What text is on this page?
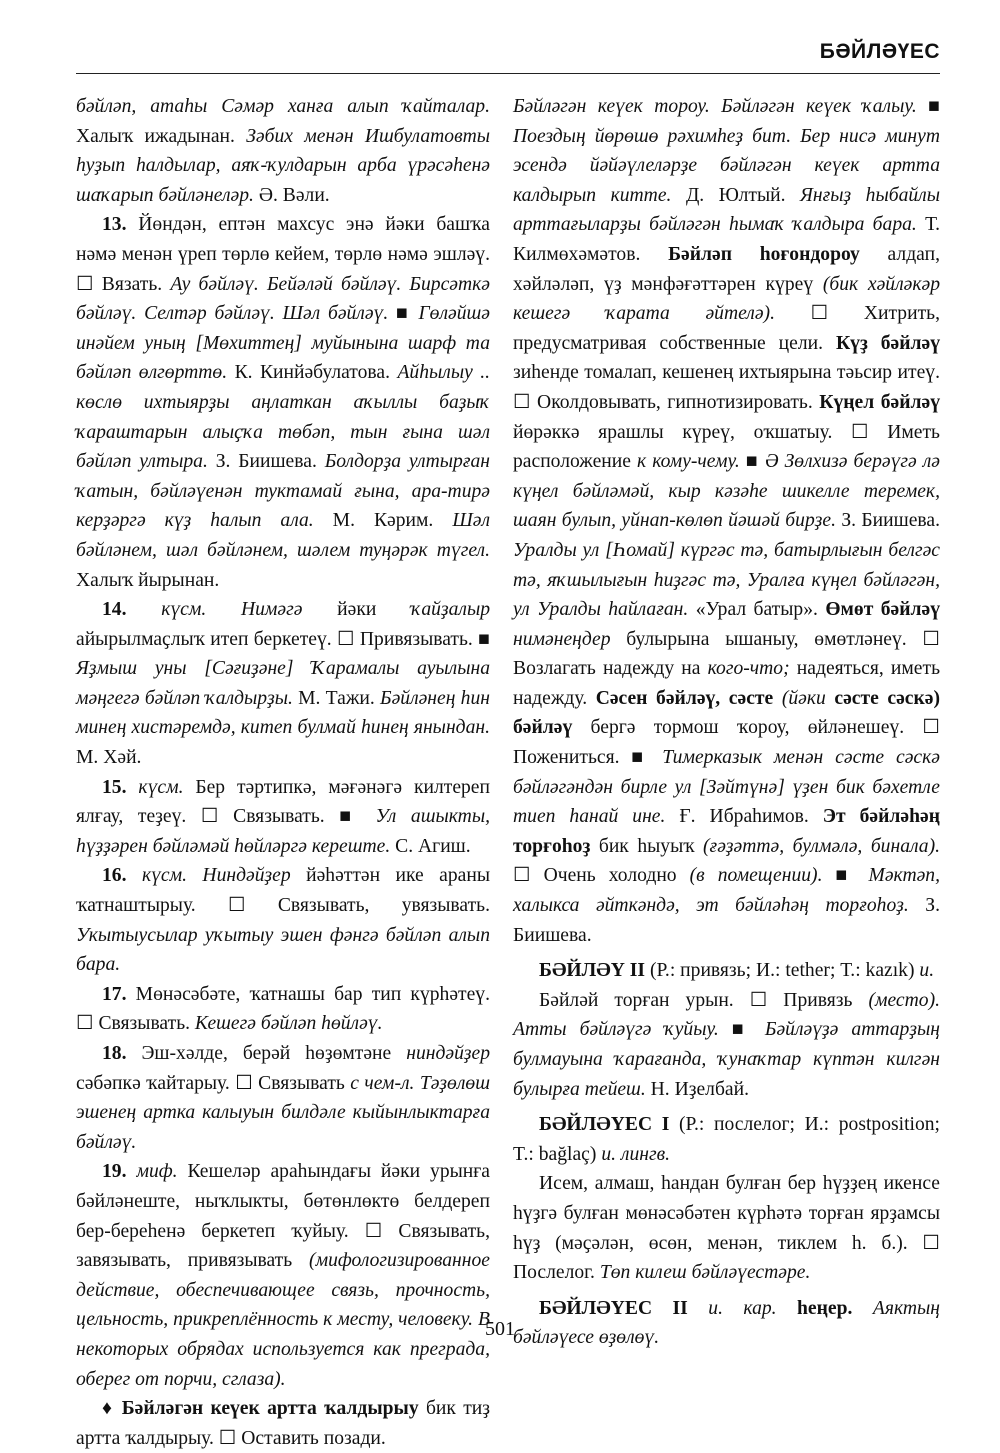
БӘЙЛӘҮЕС

бәйләп, атаһы Сәмәр ханға алып ҡайталар. Халыҡ ижадынан. Зәбих менән Ишбулатовты һуҙып һалдылар, аяҡ-ҡулдарын арба үрәсәһенә шаҡарып бәйләнеләр. Ә. Вәли.

13. Йөндән, ептән махсус энә йәки башҡа нәмә менән үреп төрлө кейем, төрлө нәмә эшләү. ☐ Вязать. Ау бәйләү. Бейәләй бәйләү. Бирсәткә бәйләү. Селтәр бәйләү. Шәл бәйләү. ■ Гөләйшә инәйем уның [Мөхиттең] муйынына шарф та бәйләп өлгөрттө. К. Кинйәбулатова. Айһылыу .. көслө ихтыярҙы аңлаткан аҡыллы баҙыҡ ҡараштарын алыҫҡа төбәп, тын ғына шәл бәйләп ултыра. З. Биишева. Болдорҙа ултырған ҡатын, бәйләүенән туктамай ғына, ара-тирә керҙәргә күҙ һалып ала. М. Кәрим. Шәл бәйләнем, шәл бәйләнем, шәлем туңәрәк түгел. Халыҡ йырынан.

14. күсм. Нимәгә йәки ҡайҙалыр айырылмаҫлыҡ итеп беркетеү. ☐ Привязывать. ■ Яҙмыш уны [Сәғиҙәне] Ҡарамалы ауылына мәңгегә бәйләп ҡалдырҙы. М. Тажи. Бәйләнең һин минең хистәремдә, китеп булмай һинең янындан. М. Хәй.

15. күсм. Бер тәртипкә, мәғәнәгә килтереп ялғау, теҙеү. ☐ Связывать. ■ Ул ашыкты, һүҙҙәрен бәйләмәй һөйләргә кереште. С. Агиш.

16. күсм. Ниндәйҙер йәһәттән ике араны ҡатнаштырыу. ☐ Связывать, увязывать. Укытыусылар уҡытыу эшен фәнгә бәйләп алып бара.

17. Мөнәсәбәте, ҡатнашы бар тип күрһәтеү. ☐ Связывать. Кешегә бәйләп һөйләү.

18. Эш-хәлде, берәй һөҙөмтәне ниндәйҙер сәбәпкә ҡайтарыу. ☐ Связывать с чем-л. Тәҙөлөш эшенең артка калыуын билдәле кыйынлыктарға бәйләү.

19. миф. Кешеләр араһындағы йәки урынға бәйләнеште, ныҡлыкты, бөтөнлөктө белдереп бер-береһенә беркетеп ҡуйыу. ☐ Связывать, завязывать, привязывать (мифологизированное действие, обеспечивающее связь, прочность, цельность, прикреплённость к месту, человеку. В некоторых обрядах используется как преграда, оберег от порчи, сглаза).

♦ Бәйләгән кеүек артта ҡалдырыу бик тиҙ артта ҡалдырыу. ☐ Оставить позади.

Бәйләгән кеүек тороу. Бәйләгән кеүек ҡалыу. ■ Поездың йөрөшө рәхимһеҙ бит. Бер нисә минут эсендә йәйәүлеләрҙе бәйләгән кеүек артта калдырып китте. Д. Юлтый. Янғыҙ һыбайлы арттағыларҙы бәйләгән һымаҡ ҡалдыра бара. Т. Килмөхәмәтов. Бәйләп һоғондороу алдап, хәйләләп, үҙ мәнфәғәттәрен күреү (бик хәйләкәр кешегә ҡарата әйтелә). ☐ Хитрить, предусматривая собственные цели. Күҙ бәйләү зиһенде томалап, кешенең ихтыярына тәьсир итеү. ☐ Околдовывать, гипнотизировать. Күңел бәйләү йөрәккә ярашлы күреү, оҡшатыу. ☐ Иметь расположение к кому-чему. ■ Ә Зөлхизә берәүгә лә күңел бәйләмәй, кыр кәзәһе шикелле теремек, шаян булып, уйнап-көлөп йәшәй бирҙе. З. Биишева. Уралды ул [Һомай] күргәс тә, батырлығын белгәс тә, яҡшылығын һиҙгәс тә, Уралға күңел бәйләгән, ул Уралды һайлаған. «Урал батыр». Өмөт бәйләү нимәнеңдер булырына ышаныу, өмөтләнеү. ☐ Возлагать надежду на кого-что; надеяться, иметь надежду. Сәсен бәйләү, сәсте (йәки сәсте сәскә) бәйләү бергә тормош ҡороу, өйләнешеү. ☐ Пожениться. ■ Тимерказык менән сәсте сәскә бәйләгәндән бирле ул [Зәйтүнә] үҙен бик бәхетле тиеп һанай ине. Ғ. Ибраһимов. Эт бәйләһәң торғоһоҙ бик һыуыҡ (ғәҙәттә, булмәлә, бинала). ☐ Очень холодно (в помещении). ■ Мәктәп, халыкса әйткәндә, эт бәйләһәң торғоһоҙ. З. Биишева.

БӘЙЛӘҮ II (Р.: привязь; И.: tether; Т.: kazık) и.

Бәйләй торған урын. ☐ Привязь (место). Атты бәйләүгә ҡуйыу. ■ Бәйләүҙә аттарҙың булмауына ҡарағанда, ҡунаҡтар күптән килгән булырға тейеш. Н. Иҙелбай.

БӘЙЛӘҮЕС I (Р.: послелог; И.: postposition; T.: bağlaç) и. лингв.

Исем, алмаш, һандан булған бер һүҙҙең икенсе һүҙгә булған мөнәсәбәтен күрһәтә торған ярҙамсы һүҙ (мәҫәлән, өсөн, менән, тиклем һ. б.). ☐ Послелог. Төп килеш бәйләүестәре.

БӘЙЛӘҮЕС II и. кар. һеңер. Аяктың бәйләүесе өҙөлөү.

501
